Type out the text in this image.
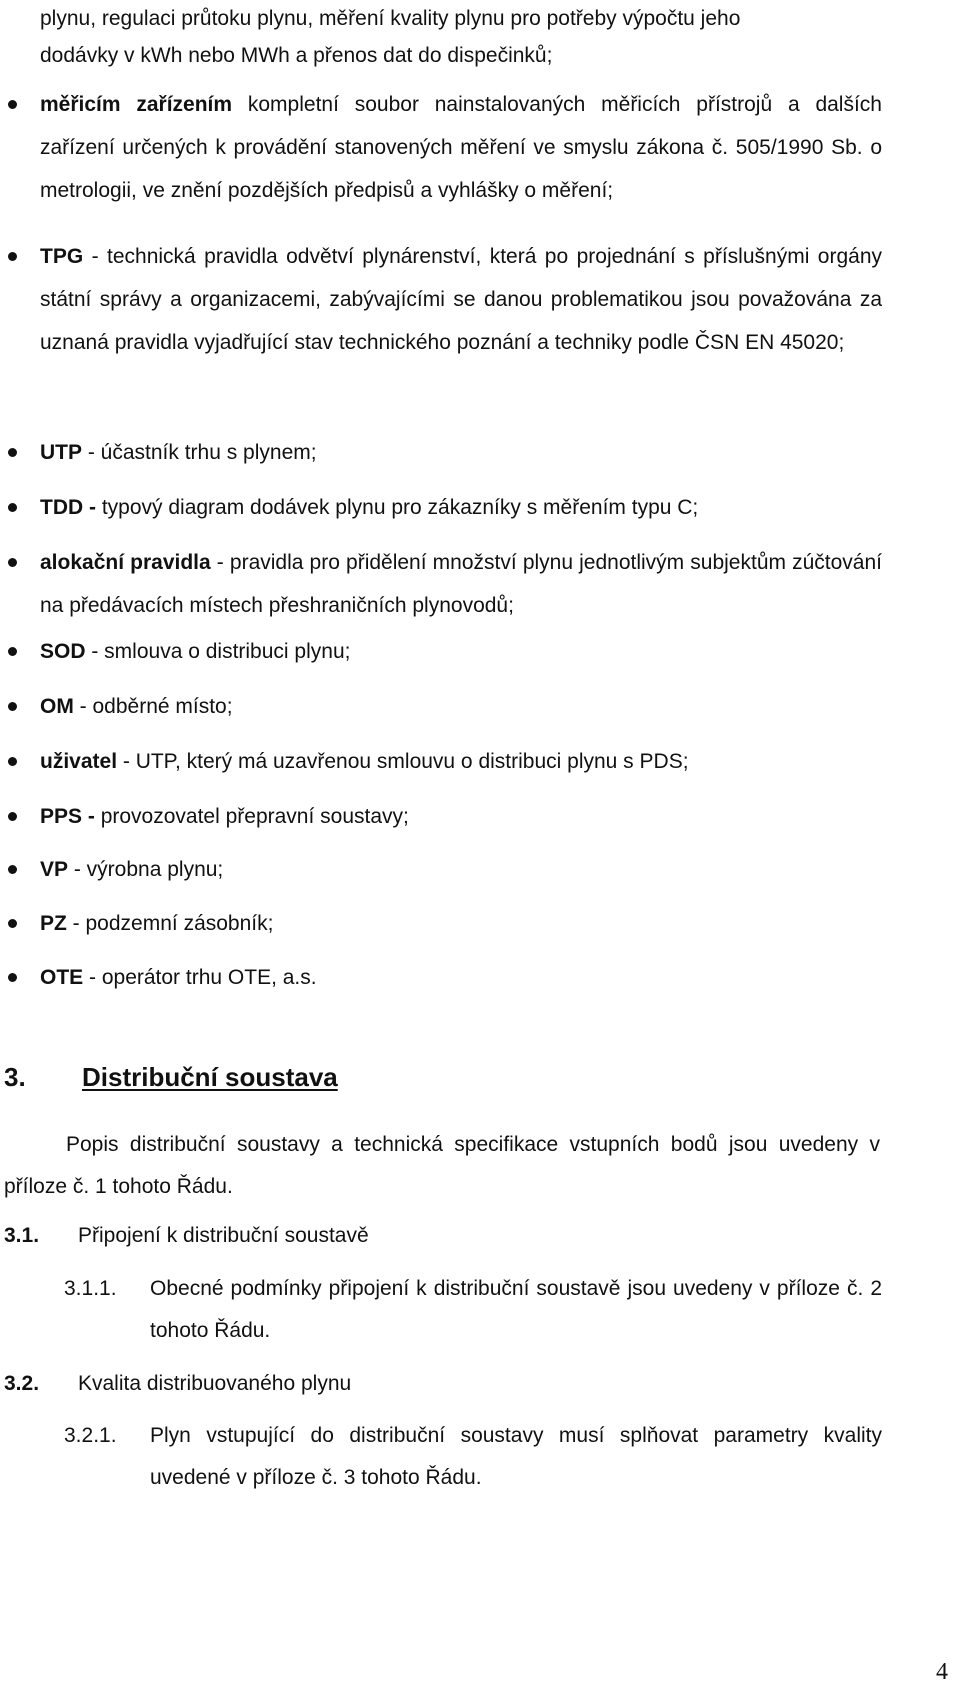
plynu, regulaci průtoku plynu, měření kvality plynu pro potřeby výpočtu jeho
dodávky v kWh nebo MWh a přenos dat do dispečinků;
měřicím zařízením kompletní soubor nainstalovaných měřicích přístrojů a dalších zařízení určených k provádění stanovených měření ve smyslu zákona č. 505/1990 Sb. o metrologii, ve znění pozdějších předpisů a vyhlášky o měření;
TPG - technická pravidla odvětví plynárenství, která po projednání s příslušnými orgány státní správy a organizacemi, zabývajícími se danou problematikou jsou považována za uznaná pravidla vyjadřující stav technického poznání a techniky podle ČSN EN 45020;
UTP - účastník trhu s plynem;
TDD - typový diagram dodávek plynu pro zákazníky s měřením typu C;
alokační pravidla - pravidla pro přidělení množství plynu jednotlivým subjektům zúčtování na předávacích místech přeshraničních plynovodů;
SOD - smlouva o distribuci plynu;
OM - odběrné místo;
uživatel - UTP, který má uzavřenou smlouvu o distribuci plynu s PDS;
PPS - provozovatel přepravní soustavy;
VP - výrobna plynu;
PZ - podzemní zásobník;
OTE - operátor trhu OTE, a.s.
3. Distribuční soustava
Popis distribuční soustavy a technická specifikace vstupních bodů jsou uvedeny v příloze č. 1 tohoto Řádu.
3.1. Připojení k distribuční soustavě
3.1.1. Obecné podmínky připojení k distribuční soustavě jsou uvedeny v příloze č. 2 tohoto Řádu.
3.2. Kvalita distribuovaného plynu
3.2.1. Plyn vstupující do distribuční soustavy musí splňovat parametry kvality uvedené v příloze č. 3 tohoto Řádu.
4
